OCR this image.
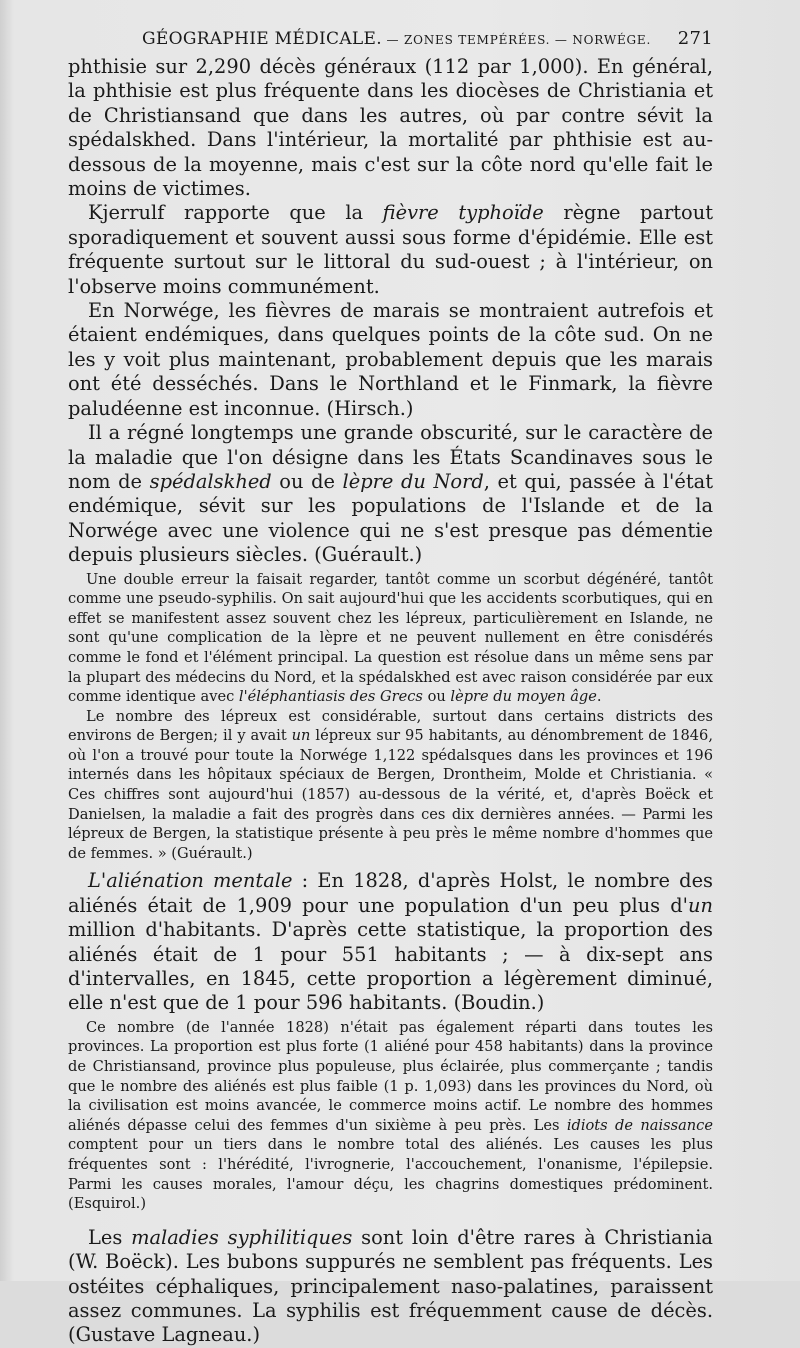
GÉOGRAPHIE MÉDICALE. — ZONES TEMPÉRÉES. — NORWÉGE. 271

phthisie sur 2,290 décès généraux (112 par 1,000). En général, la phthisie est plus fréquente dans les diocèses de Christiania et de Christiansand que dans les autres, où par contre sévit la spédalskhed. Dans l'intérieur, la mortalité par phthisie est au-dessous de la moyenne, mais c'est sur la côte nord qu'elle fait le moins de victimes.

Kjerrulf rapporte que la fièvre typhoïde règne partout sporadiquement et souvent aussi sous forme d'épidémie. Elle est fréquente surtout sur le littoral du sud-ouest ; à l'intérieur, on l'observe moins communément.

En Norwége, les fièvres de marais se montraient autrefois et étaient endémiques, dans quelques points de la côte sud. On ne les y voit plus maintenant, probablement depuis que les marais ont été desséchés. Dans le Northland et le Finmark, la fièvre paludéenne est inconnue. (Hirsch.)

Il a régné longtemps une grande obscurité, sur le caractère de la maladie que l'on désigne dans les États Scandinaves sous le nom de spédalskhed ou de lèpre du Nord, et qui, passée à l'état endémique, sévit sur les populations de l'Islande et de la Norwége avec une violence qui ne s'est presque pas démentie depuis plusieurs siècles. (Guérault.)

Une double erreur la faisait regarder, tantôt comme un scorbut dégénéré, tantôt comme une pseudo-syphilis. On sait aujourd'hui que les accidents scorbutiques, qui en effet se manifestent assez souvent chez les lépreux, particulièrement en Islande, ne sont qu'une complication de la lèpre et ne peuvent nullement en être conisdérés comme le fond et l'élément principal. La question est résolue dans un même sens par la plupart des médecins du Nord, et la spédalskhed est avec raison considérée par eux comme identique avec l'éléphantiasis des Grecs ou lèpre du moyen âge.

Le nombre des lépreux est considérable, surtout dans certains districts des environs de Bergen; il y avait un lépreux sur 95 habitants, au dénombrement de 1846, où l'on a trouvé pour toute la Norwége 1,122 spédalsques dans les provinces et 196 internés dans les hôpitaux spéciaux de Bergen, Drontheim, Molde et Christiania. « Ces chiffres sont aujourd'hui (1857) au-dessous de la vérité, et, d'après Boëck et Danielsen, la maladie a fait des progrès dans ces dix dernières années. — Parmi les lépreux de Bergen, la statistique présente à peu près le même nombre d'hommes que de femmes. » (Guérault.)

L'aliénation mentale : En 1828, d'après Holst, le nombre des aliénés était de 1,909 pour une population d'un peu plus d'un million d'habitants. D'après cette statistique, la proportion des aliénés était de 1 pour 551 habitants ; — à dix-sept ans d'intervalles, en 1845, cette proportion a légèrement diminué, elle n'est que de 1 pour 596 habitants. (Boudin.)

Ce nombre (de l'année 1828) n'était pas également réparti dans toutes les provinces. La proportion est plus forte (1 aliéné pour 458 habitants) dans la province de Christiansand, province plus populeuse, plus éclairée, plus commerçante ; tandis que le nombre des aliénés est plus faible (1 p. 1,093) dans les provinces du Nord, où la civilisation est moins avancée, le commerce moins actif. Le nombre des hommes aliénés dépasse celui des femmes d'un sixième à peu près. Les idiots de naissance comptent pour un tiers dans le nombre total des aliénés. Les causes les plus fréquentes sont : l'hérédité, l'ivrognerie, l'accouchement, l'onanisme, l'épilepsie. Parmi les causes morales, l'amour déçu, les chagrins domestiques prédominent. (Esquirol.)

Les maladies syphilitiques sont loin d'être rares à Christiania (W. Boëck). Les bubons suppurés ne semblent pas fréquents. Les ostéites céphaliques, principalement naso-palatines, paraissent assez communes. La syphilis est fréquemment cause de décès. (Gustave Lagneau.)
